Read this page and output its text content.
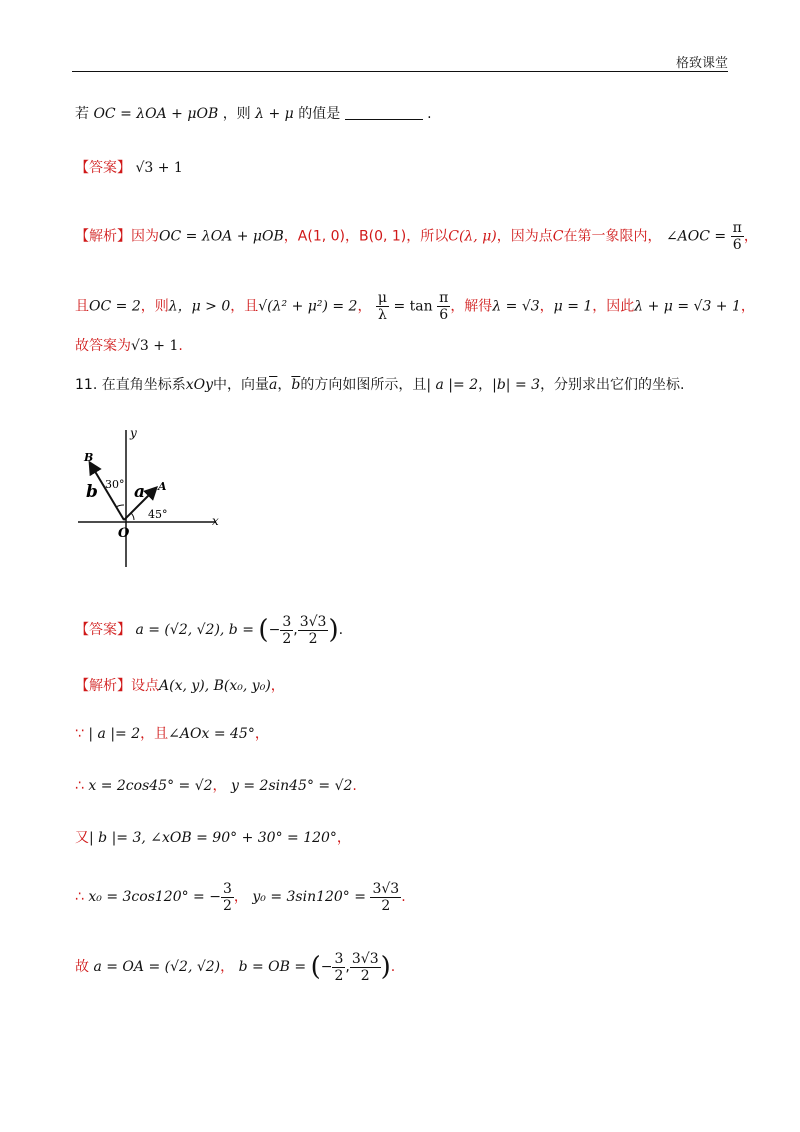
格致课堂
若 OC = λOA + μOB ，则 λ + μ 的值是	.
【答案】 √3 + 1
【解析】因为OC = λOA + μOB，A(1, 0)，B(0, 1)，所以C(λ, μ)，因为点C在第一象限内， ∠AOC = $\frac{\pi}{6}$ ，
且OC = 2，则λ，μ > 0，且√(λ² + μ²) = 2， $\frac{\mu}{\lambda} = \tan \frac{\pi}{6}$ ，解得λ = √3，μ = 1，因此λ + μ = √3 + 1，
故答案为√3 + 1.
11. 在直角坐标系xOy中，向量$\overline{a}$，$\overline{b}$的方向如图所示，且| a |= 2，|b| = 3，分别求出它们的坐标.
y
x
O
B
A
b a
30°
45°
【答案】 a = (√2, √2), b = (− $\frac{3}{2}$ , $\frac{3√3}{2}$ ).
【解析】设点A(x, y), B(x₀, y₀)，
∵ | a |= 2，且∠AOx = 45°，
∴ x = 2cos45° = √2， y = 2sin45° = √2.
又| b |= 3, ∠xOB = 90° + 30° = 120°，
∴ x₀ = 3cos120° = − $\frac{3}{2}$ ， $y_0 = 3\sin 120^\circ = \frac{3√3}{2}$ .
故 a = OA = (√2, √2)， b = OB = (− $\frac{3}{2}$ , $\frac{3√3}{2}$ ).
